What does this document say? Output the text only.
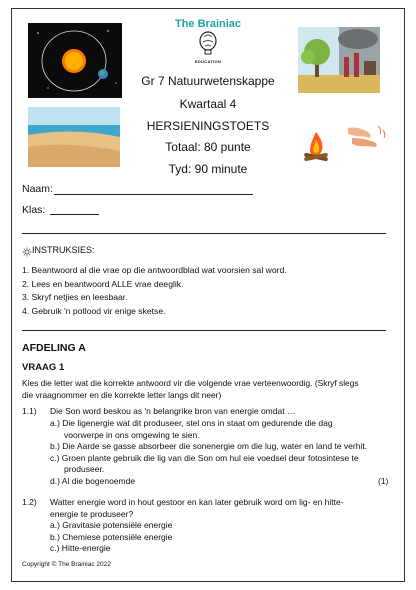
The Brainiac
EDUCATION
Gr 7 Natuurwetenskappe
Kwartaal 4
HERSIENINGSTOETS
Totaal: 80 punte
Tyd: 90 minute
Naam:
Klas:
INSTRUKSIES:
1. Beantwoord al die vrae op die antwoordblad wat voorsien sal word.
2. Lees en beantwoord ALLE vrae deeglik.
3. Skryf netjies en leesbaar.
4. Gebruik 'n potlood vir enige sketse.
AFDELING A
VRAAG 1
Kies die letter wat die korrekte antwoord vir die volgende vrae verteenwoordig. (Skryf slegs
die vraagnommer en die korrekte letter langs dit neer)
1.1) Die Son word beskou as 'n belangrike bron van energie omdat …
a.) Die ligenergie wat dit produseer, stel ons in staat om gedurende die dag
voorwerpe in ons omgewing te sien.
b.) Die Aarde se gasse absorbeer die sonenergie om die lug, water en land te verhit.
c.) Groen plante gebruik die lig van die Son om hul eie voedsel deur fotosintese te
produseer.
d.) Al die bogenoemde	(1)
1.2) Watter energie word in hout gestoor en kan later gebruik word om lig- en hitte-
energie te produseer?
a.) Gravitasie potensiële energie
b.) Chemiese potensiële energie
c.) Hitte-energie
Copyright © The Brainiac 2022
